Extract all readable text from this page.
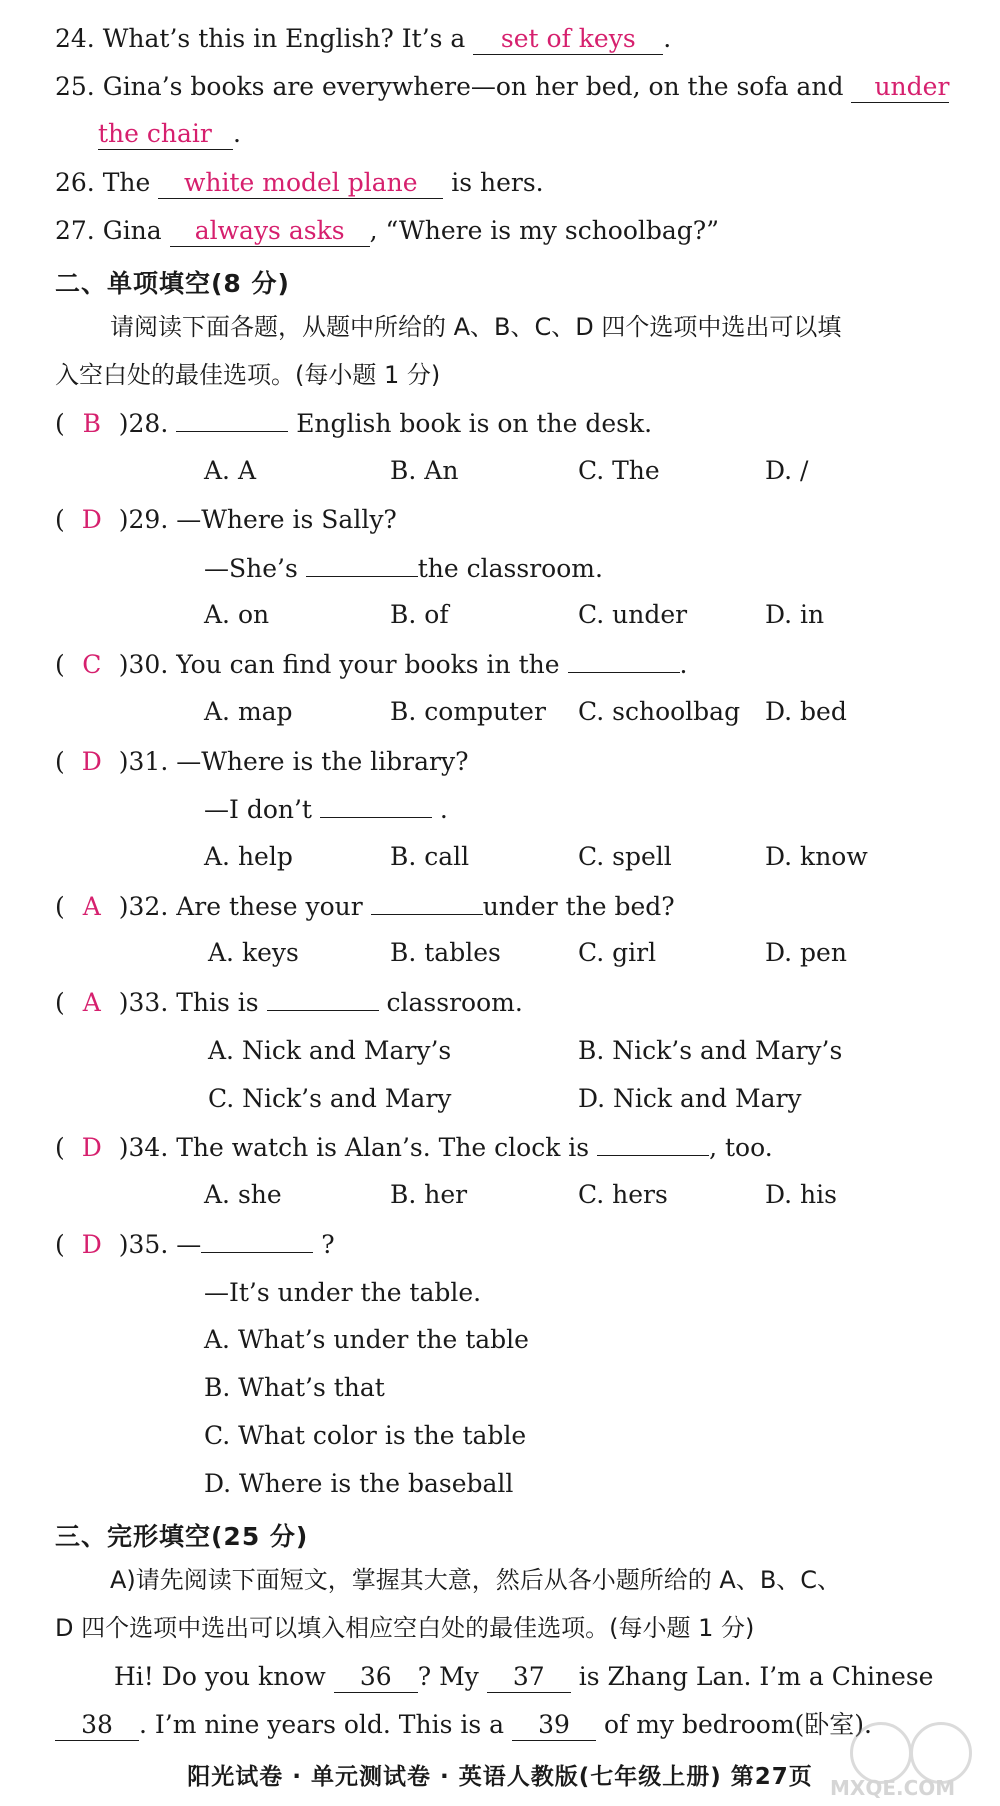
24. What’s this in English? It’s a set of keys .
25. Gina’s books are everywhere—on her bed, on the sofa and under
the chair .
26. The white model plane is hers.
27. Gina always asks , “Where is my schoolbag?”
二、单项填空(8 分)
请阅读下面各题，从题中所给的 A、B、C、D 四个选项中选出可以填
入空白处的最佳选项。(每小题 1 分)
( B )28.	English book is on the desk.
A. A	B. An	C. The	D. /
( D )29. —Where is Sally?
—She’s	the classroom.
A. on	B. of	C. under	D. in
( C )30. You can find your books in the	.
A. map	B. computer C. schoolbag D. bed
( D )31. —Where is the library?
—I don’t	.
A. help	B. call	C. spell	D. know
( A )32. Are these your	under the bed?
A. keys	B. tables	C. girl	D. pen
( A )33. This is	classroom.
A. Nick and Mary’s	B. Nick’s and Mary’s
C. Nick’s and Mary	D. Nick and Mary
( D )34. The watch is Alan’s. The clock is	, too.
A. she	B. her	C. hers	D. his
( D )35. —	?
—It’s under the table.
A. What’s under the table
B. What’s that
C. What color is the table
D. Where is the baseball
三、完形填空(25 分)
A)请先阅读下面短文，掌握其大意，然后从各小题所给的 A、B、C、
D 四个选项中选出可以填入相应空白处的最佳选项。(每小题 1 分)
Hi! Do you know 36 ? My 37 is Zhang Lan. I’m a Chinese
38 . I’m nine years old. This is a 39 of my bedroom(卧室).
阳光试卷 · 单元测试卷 · 英语人教版(七年级上册) 第27页 MXQE.COM
